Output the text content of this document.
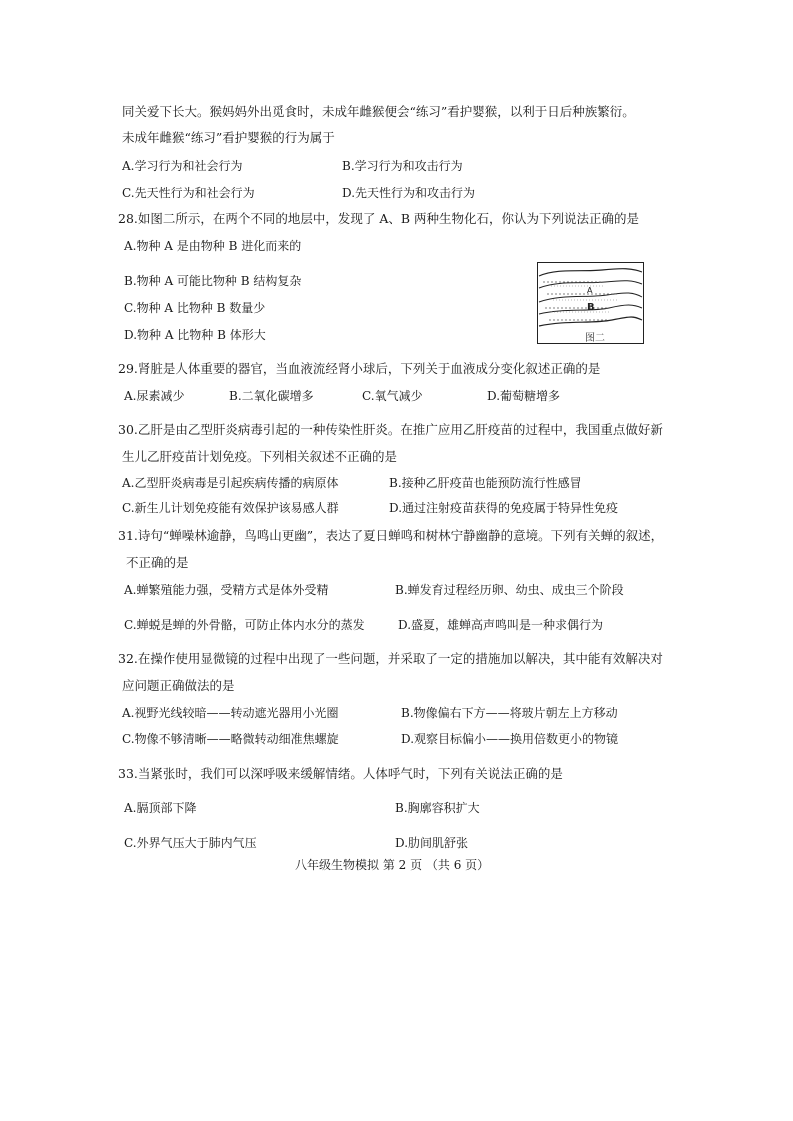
同关爱下长大。猴妈妈外出觅食时，未成年雌猴便会“练习”看护婴猴，以利于日后种族繁衍。
未成年雌猴“练习”看护婴猴的行为属于
A.学习行为和社会行为	B.学习行为和攻击行为
C.先天性行为和社会行为	D.先天性行为和攻击行为
28.如图二所示，在两个不同的地层中，发现了 A、B 两种生物化石，你认为下列说法正确的是
A.物种 A 是由物种 B 进化而来的
B.物种 A 可能比物种 B 结构复杂
C.物种 A 比物种 B 数量少
D.物种 A 比物种 B 体形大
A
B
图二
29.肾脏是人体重要的器官，当血液流经肾小球后，下列关于血液成分变化叙述正确的是
A.尿素减少	B.二氧化碳增多	C.氧气减少	D.葡萄糖增多
30.乙肝是由乙型肝炎病毒引起的一种传染性肝炎。在推广应用乙肝疫苗的过程中，我国重点做好新
生儿乙肝疫苗计划免疫。下列相关叙述不正确的是
A.乙型肝炎病毒是引起疾病传播的病原体	B.接种乙肝疫苗也能预防流行性感冒
C.新生儿计划免疫能有效保护该易感人群	D.通过注射疫苗获得的免疫属于特异性免疫
31.诗句“蝉噪林逾静，鸟鸣山更幽”，表达了夏日蝉鸣和树林宁静幽静的意境。下列有关蝉的叙述，
不正确的是
A.蝉繁殖能力强，受精方式是体外受精	B.蝉发育过程经历卵、幼虫、成虫三个阶段
C.蝉蜕是蝉的外骨骼，可防止体内水分的蒸发	D.盛夏，雄蝉高声鸣叫是一种求偶行为
32.在操作使用显微镜的过程中出现了一些问题，并采取了一定的措施加以解决，其中能有效解决对
应问题正确做法的是
A.视野光线较暗——转动遮光器用小光圈	B.物像偏右下方——将玻片朝左上方移动
C.物像不够清晰——略微转动细准焦螺旋	D.观察目标偏小——换用倍数更小的物镜
33.当紧张时，我们可以深呼吸来缓解情绪。人体呼气时，下列有关说法正确的是
A.膈顶部下降	B.胸廓容积扩大
C.外界气压大于肺内气压	D.肋间肌舒张
八年级生物模拟 第 2 页 （共 6 页）
